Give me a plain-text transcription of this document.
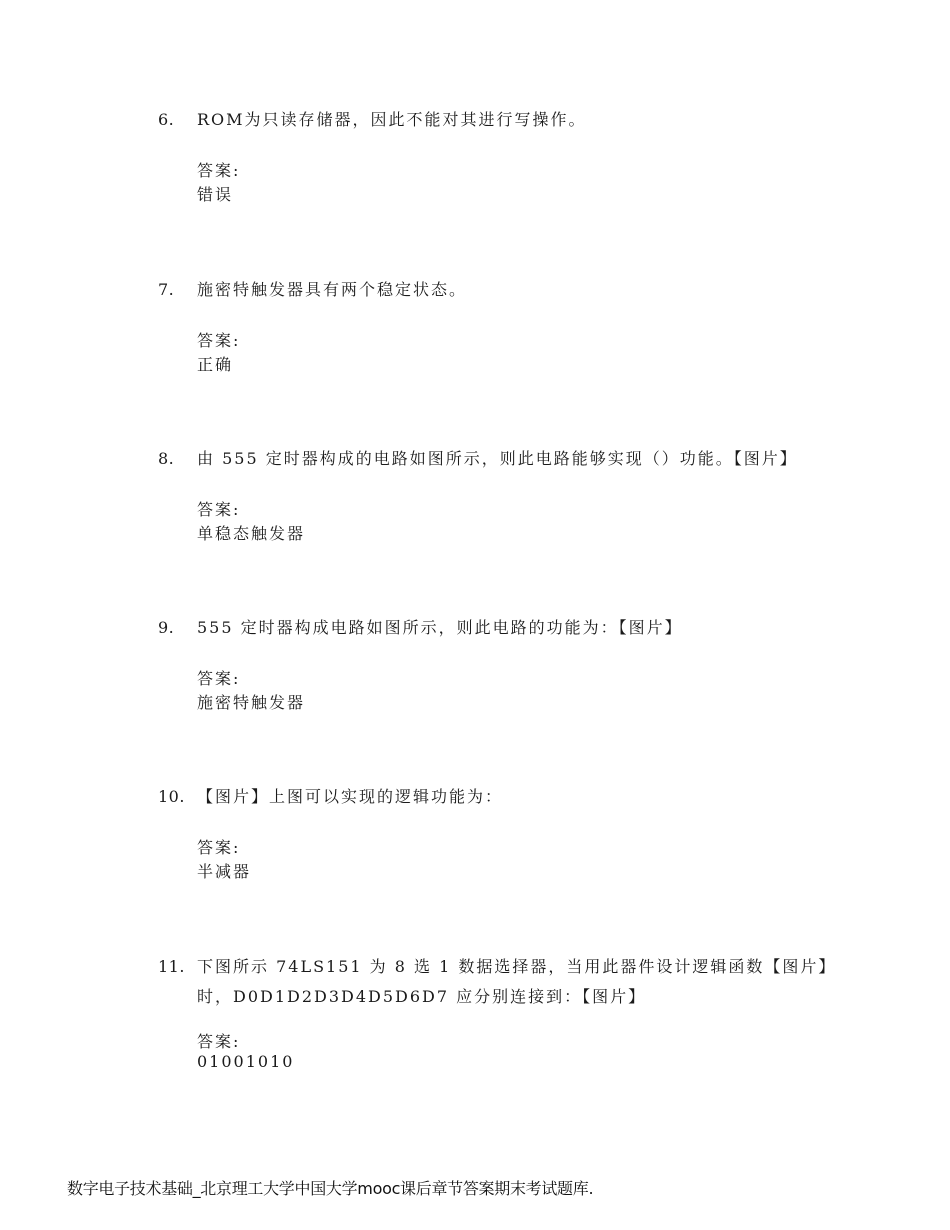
6. ROM为只读存储器，因此不能对其进行写操作。
答案:
错误
7. 施密特触发器具有两个稳定状态。
答案:
正确
8. 由 555 定时器构成的电路如图所示，则此电路能够实现（）功能。【图片】
答案:
单稳态触发器
9. 555 定时器构成电路如图所示，则此电路的功能为：【图片】
答案:
施密特触发器
10. 【图片】上图可以实现的逻辑功能为：
答案:
半减器
11. 下图所示 74LS151 为 8 选 1 数据选择器，当用此器件设计逻辑函数【图片】时，D0D1D2D3D4D5D6D7 应分别连接到：【图片】
答案:
01001010
数字电子技术基础_北京理工大学中国大学mooc课后章节答案期末考试题库.
